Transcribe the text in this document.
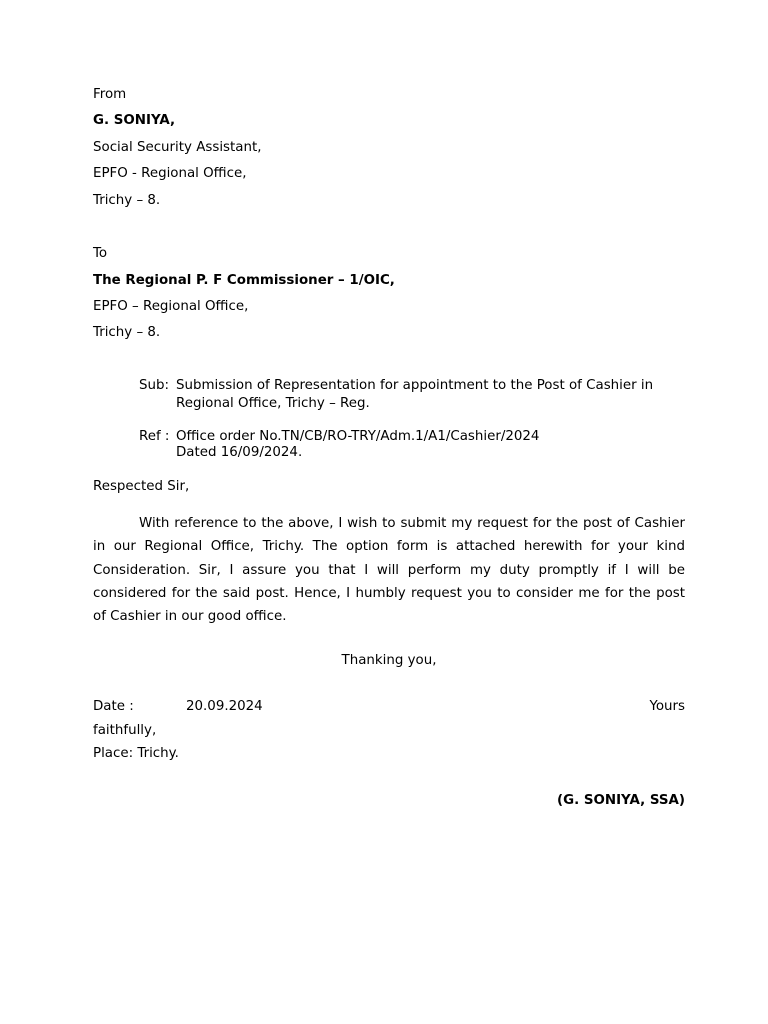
From
G. SONIYA,
Social Security Assistant,
EPFO - Regional Office,
Trichy – 8.
To
The Regional P. F Commissioner – 1/OIC,
EPFO – Regional Office,
Trichy – 8.
Sub: Submission of Representation for appointment to the Post of Cashier in
Regional Office, Trichy – Reg.
Ref : Office order No.TN/CB/RO-TRY/Adm.1/A1/Cashier/2024
Dated 16/09/2024.
Respected Sir,
With reference to the above, I wish to submit my request for the post of Cashier in our Regional Office, Trichy. The option form is attached herewith for your kind Consideration. Sir, I assure you that I will perform my duty promptly if I will be considered for the said post. Hence, I humbly request you to consider me for the post of Cashier in our good office.
Thanking you,
Date :	20.09.2024	Yours
faithfully,
Place: Trichy.
(G. SONIYA, SSA)
